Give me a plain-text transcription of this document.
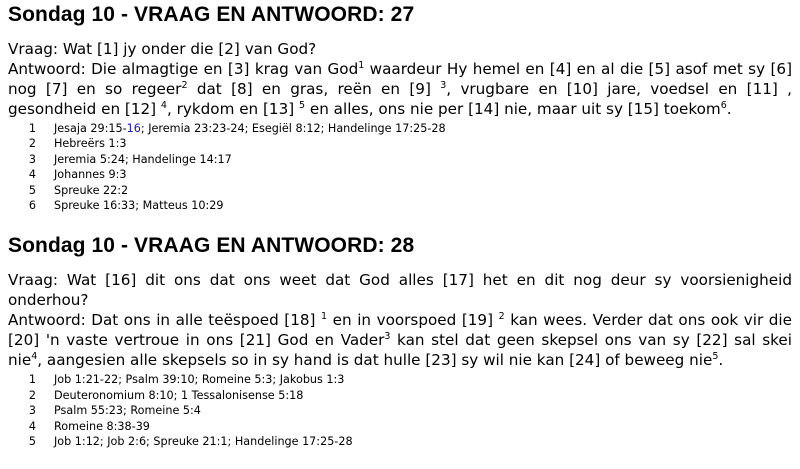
Sondag 10 - VRAAG EN ANTWOORD: 27

Vraag: Wat [1] jy onder die [2] van God?

Antwoord: Die almagtige en [3] krag van God$^1$ waardeur Hy hemel en [4] en al die [5] asof met sy [6] nog [7] en so regeer$^2$ dat [8] en gras, reën en [9] $^3$, vrugbare en [10] jare, voedsel en [11] , gesondheid en [12] $^4$, rykdom en [13] $^5$ en alles, ons nie per [14] nie, maar uit sy [15] toekom$^6$.

1	Jesaja 29:15-16; Jeremia 23:23-24; Esegiël 8:12; Handelinge 17:25-28
2	Hebreërs 1:3
3	Jeremia 5:24; Handelinge 14:17
4	Johannes 9:3
5	Spreuke 22:2
6	Spreuke 16:33; Matteus 10:29
Sondag 10 - VRAAG EN ANTWOORD: 28

Vraag: Wat [16] dit ons dat ons weet dat God alles [17] het en dit nog deur sy voorsienigheid onderhou?

Antwoord: Dat ons in alle teëspoed [18] $^1$ en in voorspoed [19] $^2$ kan wees. Verder dat ons ook vir die [20] 'n vaste vertroue in ons [21] God en Vader$^3$ kan stel dat geen skepsel ons van sy [22] sal skei nie$^4$, aangesien alle skepsels so in sy hand is dat hulle [23] sy wil nie kan [24] of beweeg nie$^5$.

1	Job 1:21-22; Psalm 39:10; Romeine 5:3; Jakobus 1:3
2	Deuteronomium 8:10; 1 Tessalonisense 5:18
3	Psalm 55:23; Romeine 5:4
4	Romeine 8:38-39
5	Job 1:12; Job 2:6; Spreuke 21:1; Handelinge 17:25-28
